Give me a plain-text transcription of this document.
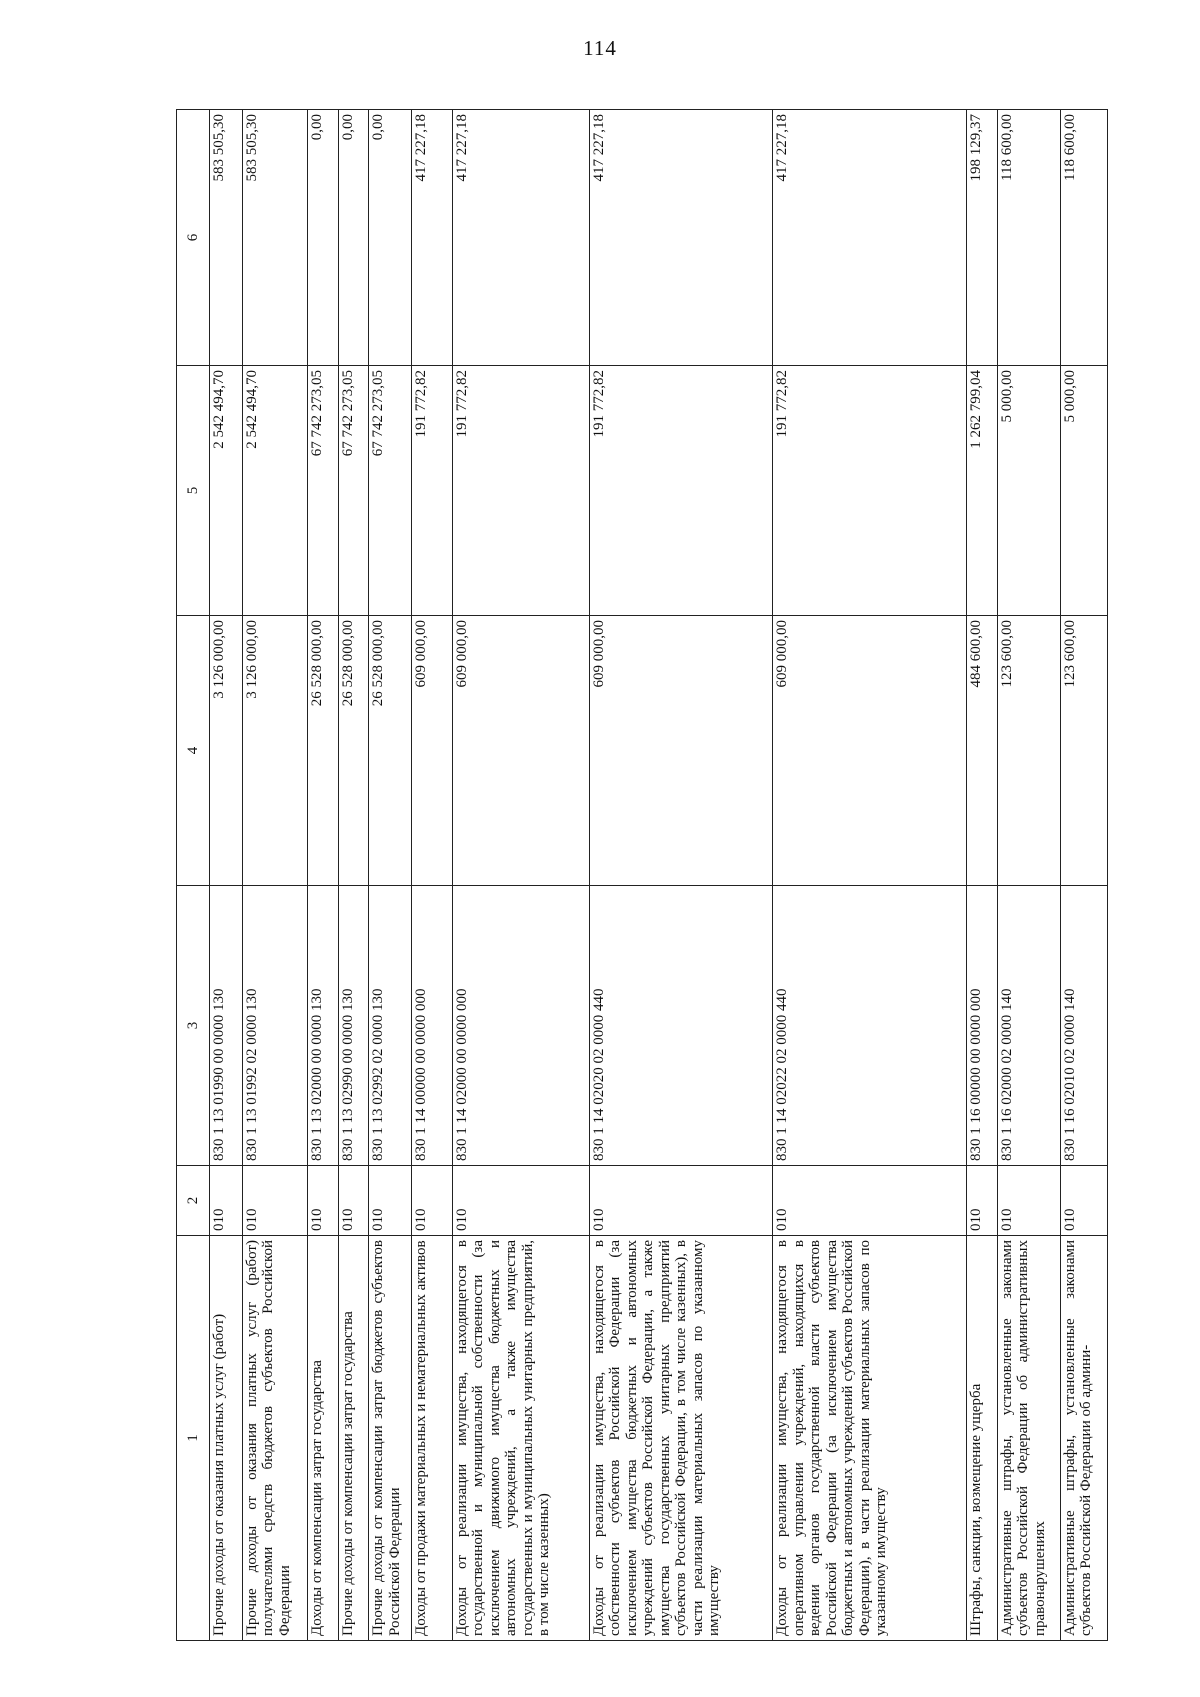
114
1	2	3	4	5	6
Прочие доходы от оказания платных услуг (работ)	010	830 1 13 01990 00 0000 130	3 126 000,00	2 542 494,70	583 505,30
Прочие доходы от оказания платных услуг (работ) получателями средств бюджетов субъектов Российской Федерации	010	830 1 13 01992 02 0000 130	3 126 000,00	2 542 494,70	583 505,30
Доходы от компенсации затрат государства	010	830 1 13 02000 00 0000 130	26 528 000,00	67 742 273,05	0,00
Прочие доходы от компенсации затрат государства	010	830 1 13 02990 00 0000 130	26 528 000,00	67 742 273,05	0,00
Прочие доходы от компенсации затрат бюджетов субъектов Российской Федерации	010	830 1 13 02992 02 0000 130	26 528 000,00	67 742 273,05	0,00
Доходы от продажи материальных и нематериальных активов	010	830 1 14 00000 00 0000 000	609 000,00	191 772,82	417 227,18
Доходы от реализации имущества, находящегося в государственной и муниципальной собственности (за исключением движимого имущества бюджетных и автономных учреждений, а также имущества государственных и муниципальных унитарных предприятий, в том числе казенных)	010	830 1 14 02000 00 0000 000	609 000,00	191 772,82	417 227,18
Доходы от реализации имущества, находящегося в собственности субъектов Российской Федерации (за исключением имущества бюджетных и автономных учреждений субъектов Российской Федерации, а также имущества государственных унитарных предприятий субъектов Российской Федерации, в том числе казенных), в части реализации материальных запасов по указанному имуществу	010	830 1 14 02020 02 0000 440	609 000,00	191 772,82	417 227,18
Доходы от реализации имущества, находящегося в оперативном управлении учреждений, находящихся в ведении органов государственной власти субъектов Российской Федерации (за исключением имущества бюджетных и автономных учреждений субъектов Российской Федерации), в части реализации материальных запасов по указанному имуществу	010	830 1 14 02022 02 0000 440	609 000,00	191 772,82	417 227,18
Штрафы, санкции, возмещение ущерба	010	830 1 16 00000 00 0000 000	484 600,00	1 262 799,04	198 129,37
Административные штрафы, установленные законами субъектов Российской Федерации об административных правонарушениях	010	830 1 16 02000 02 0000 140	123 600,00	5 000,00	118 600,00
Административные штрафы, установленные законами субъектов Российской Федерации об админи-	010	830 1 16 02010 02 0000 140	123 600,00	5 000,00	118 600,00
